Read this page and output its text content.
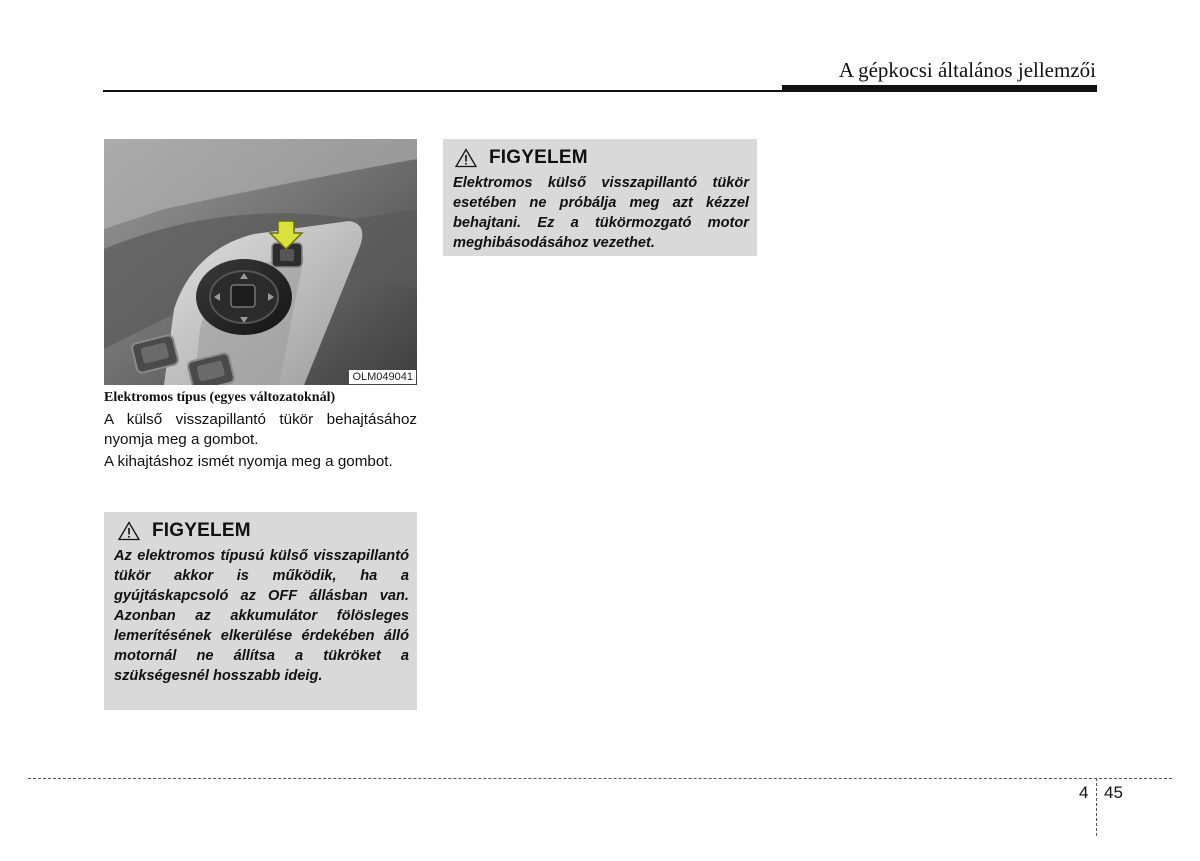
A gépkocsi általános jellemzői
OLM049041
Elektromos típus (egyes változatoknál)

A külső visszapillantó tükör behajtásához nyomja meg a gombot.

A kihajtáshoz ismét nyomja meg a gombot.

FIGYELEM

Az elektromos típusú külső visszapillantó tükör akkor is működik, ha a gyújtáskapcsoló az OFF állásban van. Azonban az akkumulátor fölösleges lemerítésének elkerülése érdekében álló motornál ne állítsa a tükröket a szükségesnél hosszabb ideig.

FIGYELEM

Elektromos külső visszapillantó tükör esetében ne próbálja meg azt kézzel behajtani. Ez a tükörmozgató motor meghibásodásához vezethet.

4 45
